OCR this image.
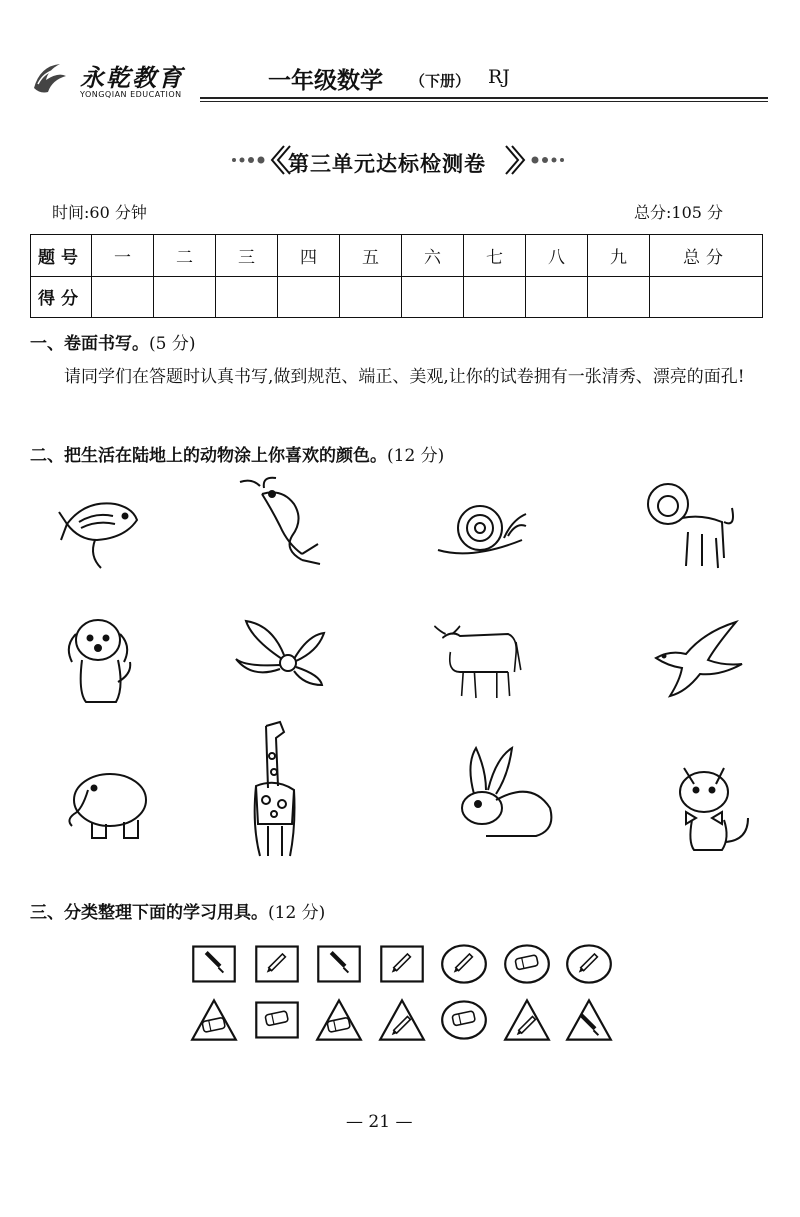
永乾教育
YONGQIAN EDUCATION
一年级数学 （下册） RJ
第三单元达标检测卷
时间:60 分钟	总分:105 分
题号	一	二	三	四	五	六	七	八	九	总分
得分										
一、卷面书写。(5 分)
请同学们在答题时认真书写,做到规范、端正、美观,让你的试卷拥有一张清秀、漂亮的面孔!
二、把生活在陆地上的动物涂上你喜欢的颜色。(12 分)
三、分类整理下面的学习用具。(12 分)
— 21 —
